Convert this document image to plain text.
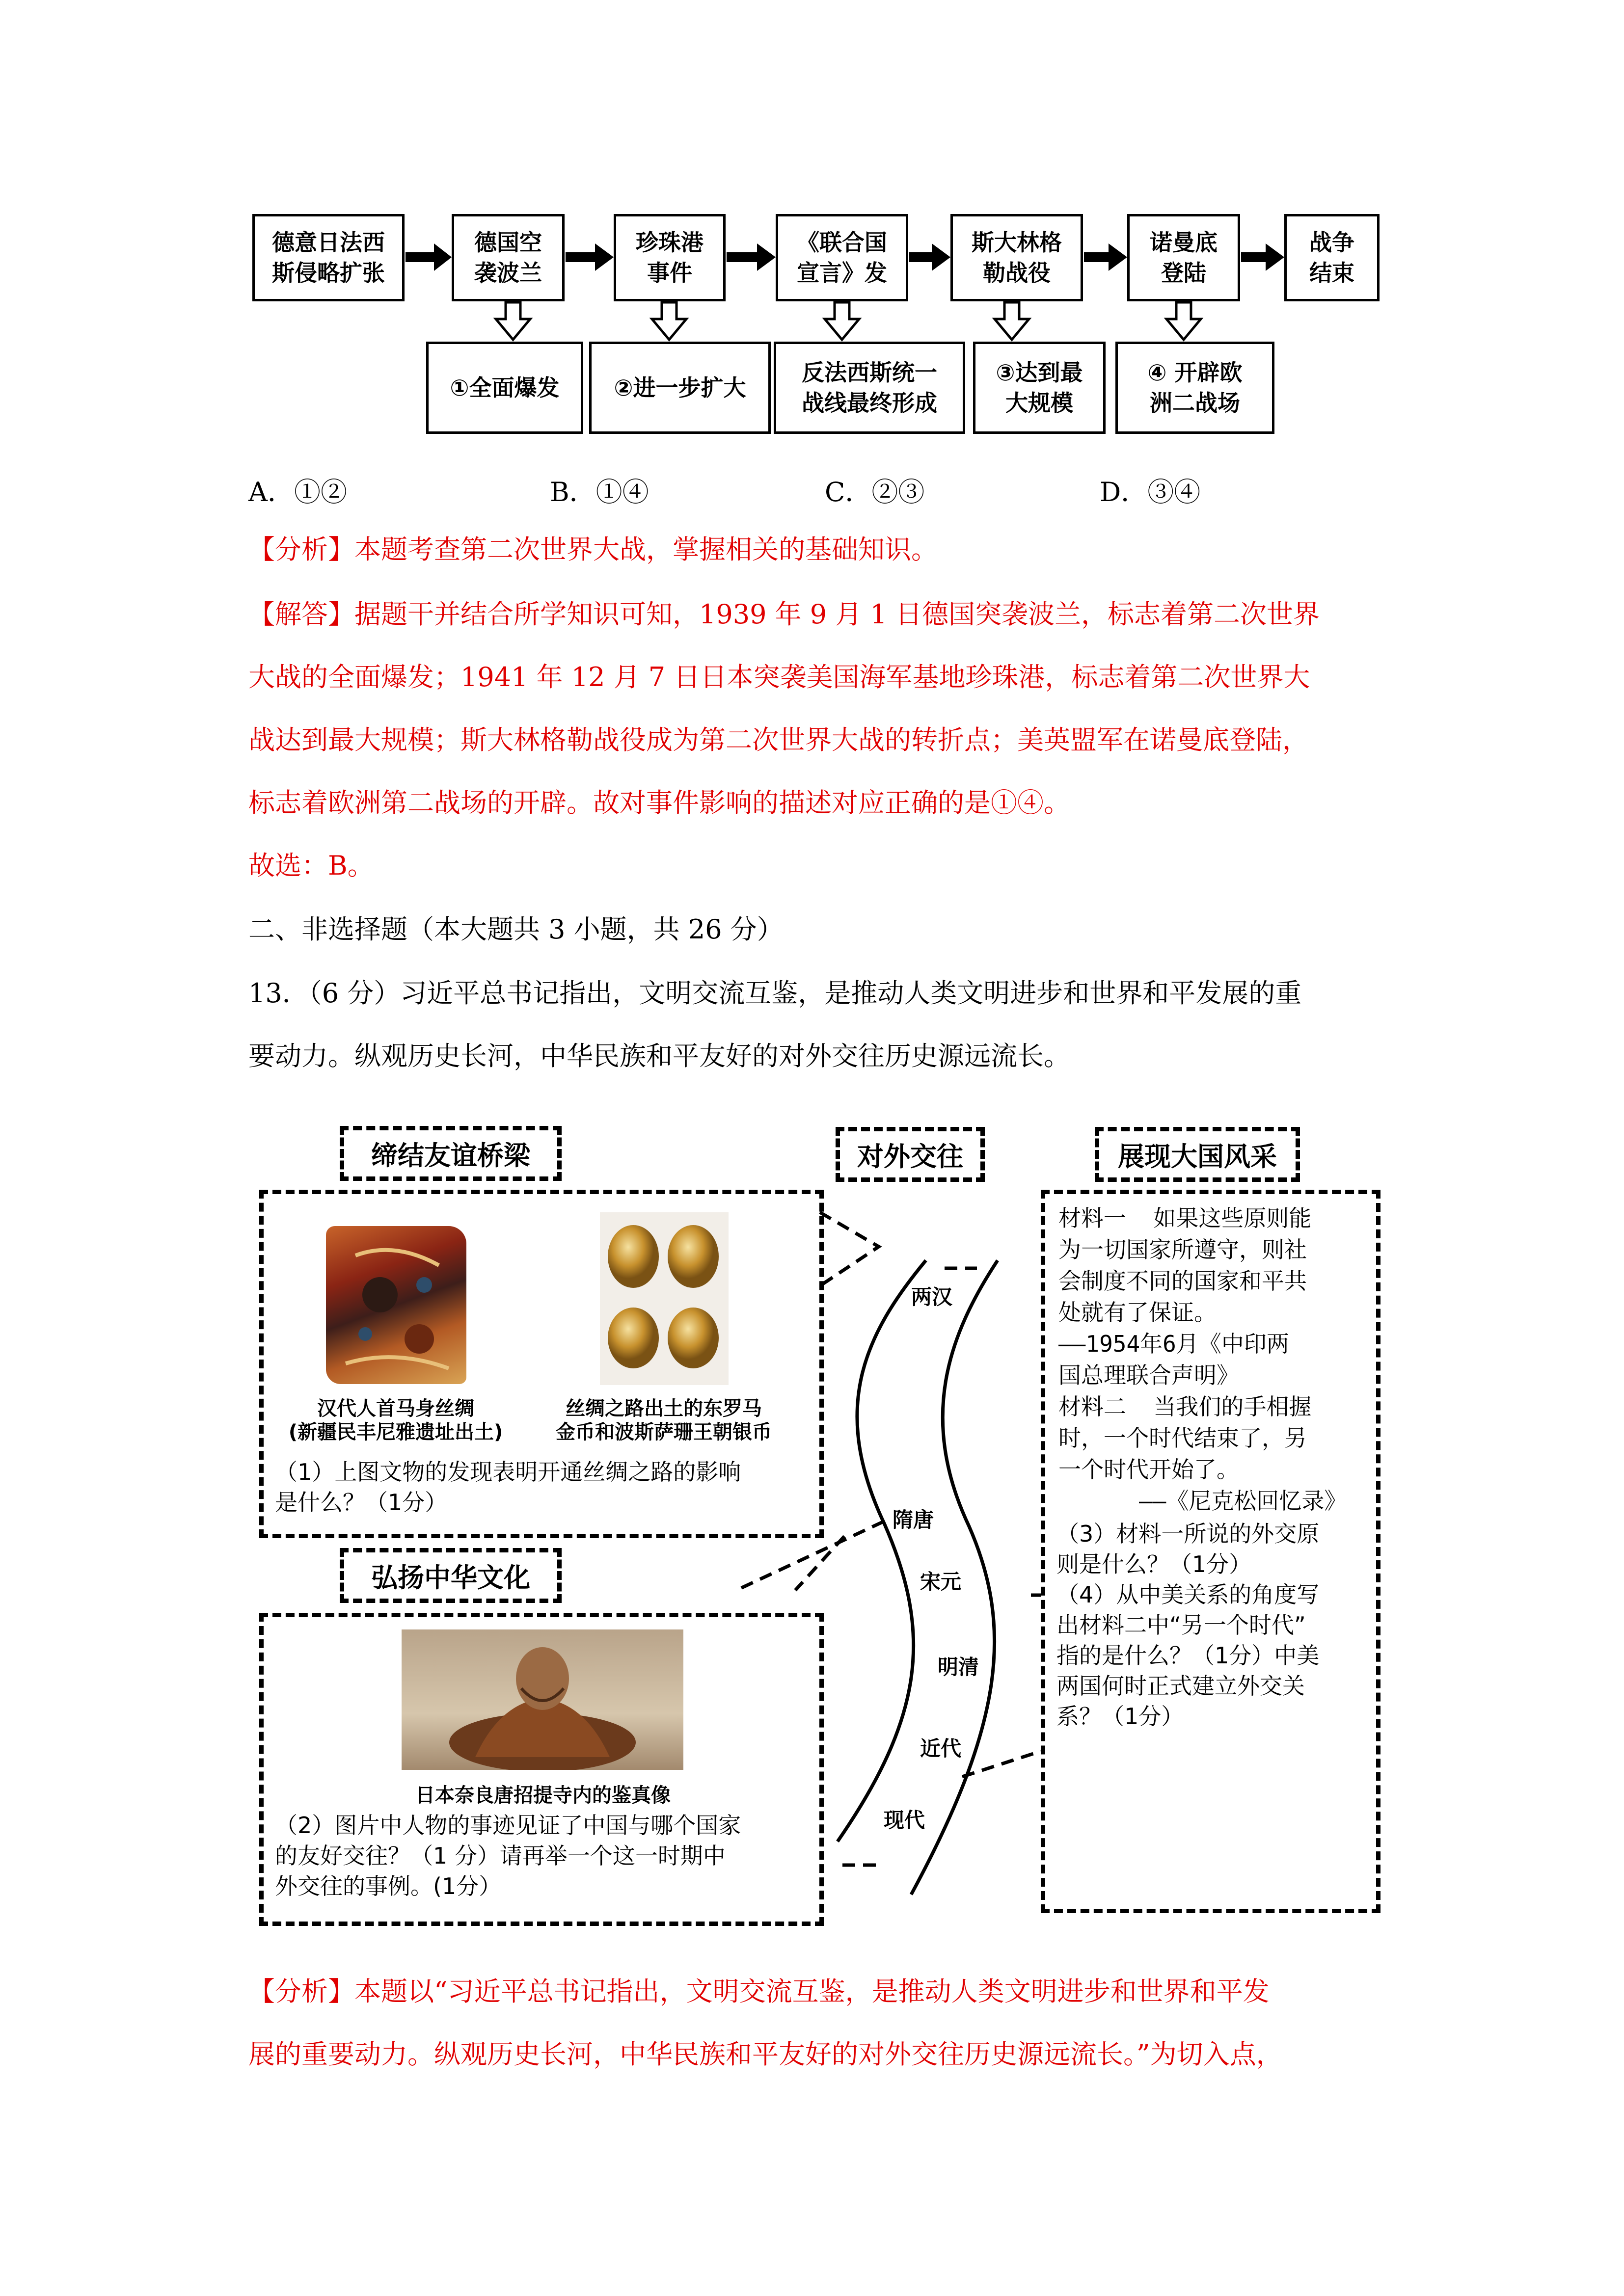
德意日法西
斯侵略扩张
德国空
袭波兰
珍珠港
事件
《联合国
宣言》发
斯大林格
勒战役
诺曼底
登陆
战争
结束
①全面爆发	②进一步扩大
反法西斯统一
战线最终形成
③达到最
大规模
④ 开辟欧
洲二战场
A．①②	B．①④	C．②③	D．③④
【分析】本题考查第二次世界大战，掌握相关的基础知识。
【解答】据题干并结合所学知识可知，1939 年 9 月 1 日德国突袭波兰，标志着第二次世界
大战的全面爆发；1941 年 12 月 7 日日本突袭美国海军基地珍珠港，标志着第二次世界大
战达到最大规模；斯大林格勒战役成为第二次世界大战的转折点；美英盟军在诺曼底登陆，
标志着欧洲第二战场的开辟。故对事件影响的描述对应正确的是①④。
故选：B。
二、非选择题（本大题共 3 小题，共 26 分）
13．（6 分）习近平总书记指出，文明交流互鉴，是推动人类文明进步和世界和平发展的重
要动力。纵观历史长河，中华民族和平友好的对外交往历史源远流长。
缔结友谊桥梁	对外交往	展现大国风采
弘扬中华文化
汉代人首马身丝绸
(新疆民丰尼雅遗址出土)
丝绸之路出土的东罗马
金币和波斯萨珊王朝银币
（1）上图文物的发现表明开通丝绸之路的影响
是什么？（1分）
日本奈良唐招提寺内的鉴真像
（2）图片中人物的事迹见证了中国与哪个国家
的友好交往？（1 分）请再举一个这一时期中
外交往的事例。(1分）
两汉
隋唐
宋元
明清
近代
现代
材料一  如果这些原则能
为一切国家所遵守，则社
会制度不同的国家和平共
处就有了保证。
——1954年6月《中印两
国总理联合声明》
材料二  当我们的手相握
时，一个时代结束了，另
一个时代开始了。
——《尼克松回忆录》
（3）材料一所说的外交原
则是什么？（1分）
（4）从中美关系的角度写
出材料二中“另一个时代”
指的是什么？（1分）中美
两国何时正式建立外交关
系？（1分）
【分析】本题以“习近平总书记指出，文明交流互鉴，是推动人类文明进步和世界和平发
展的重要动力。纵观历史长河，中华民族和平友好的对外交往历史源远流长。”为切入点，
